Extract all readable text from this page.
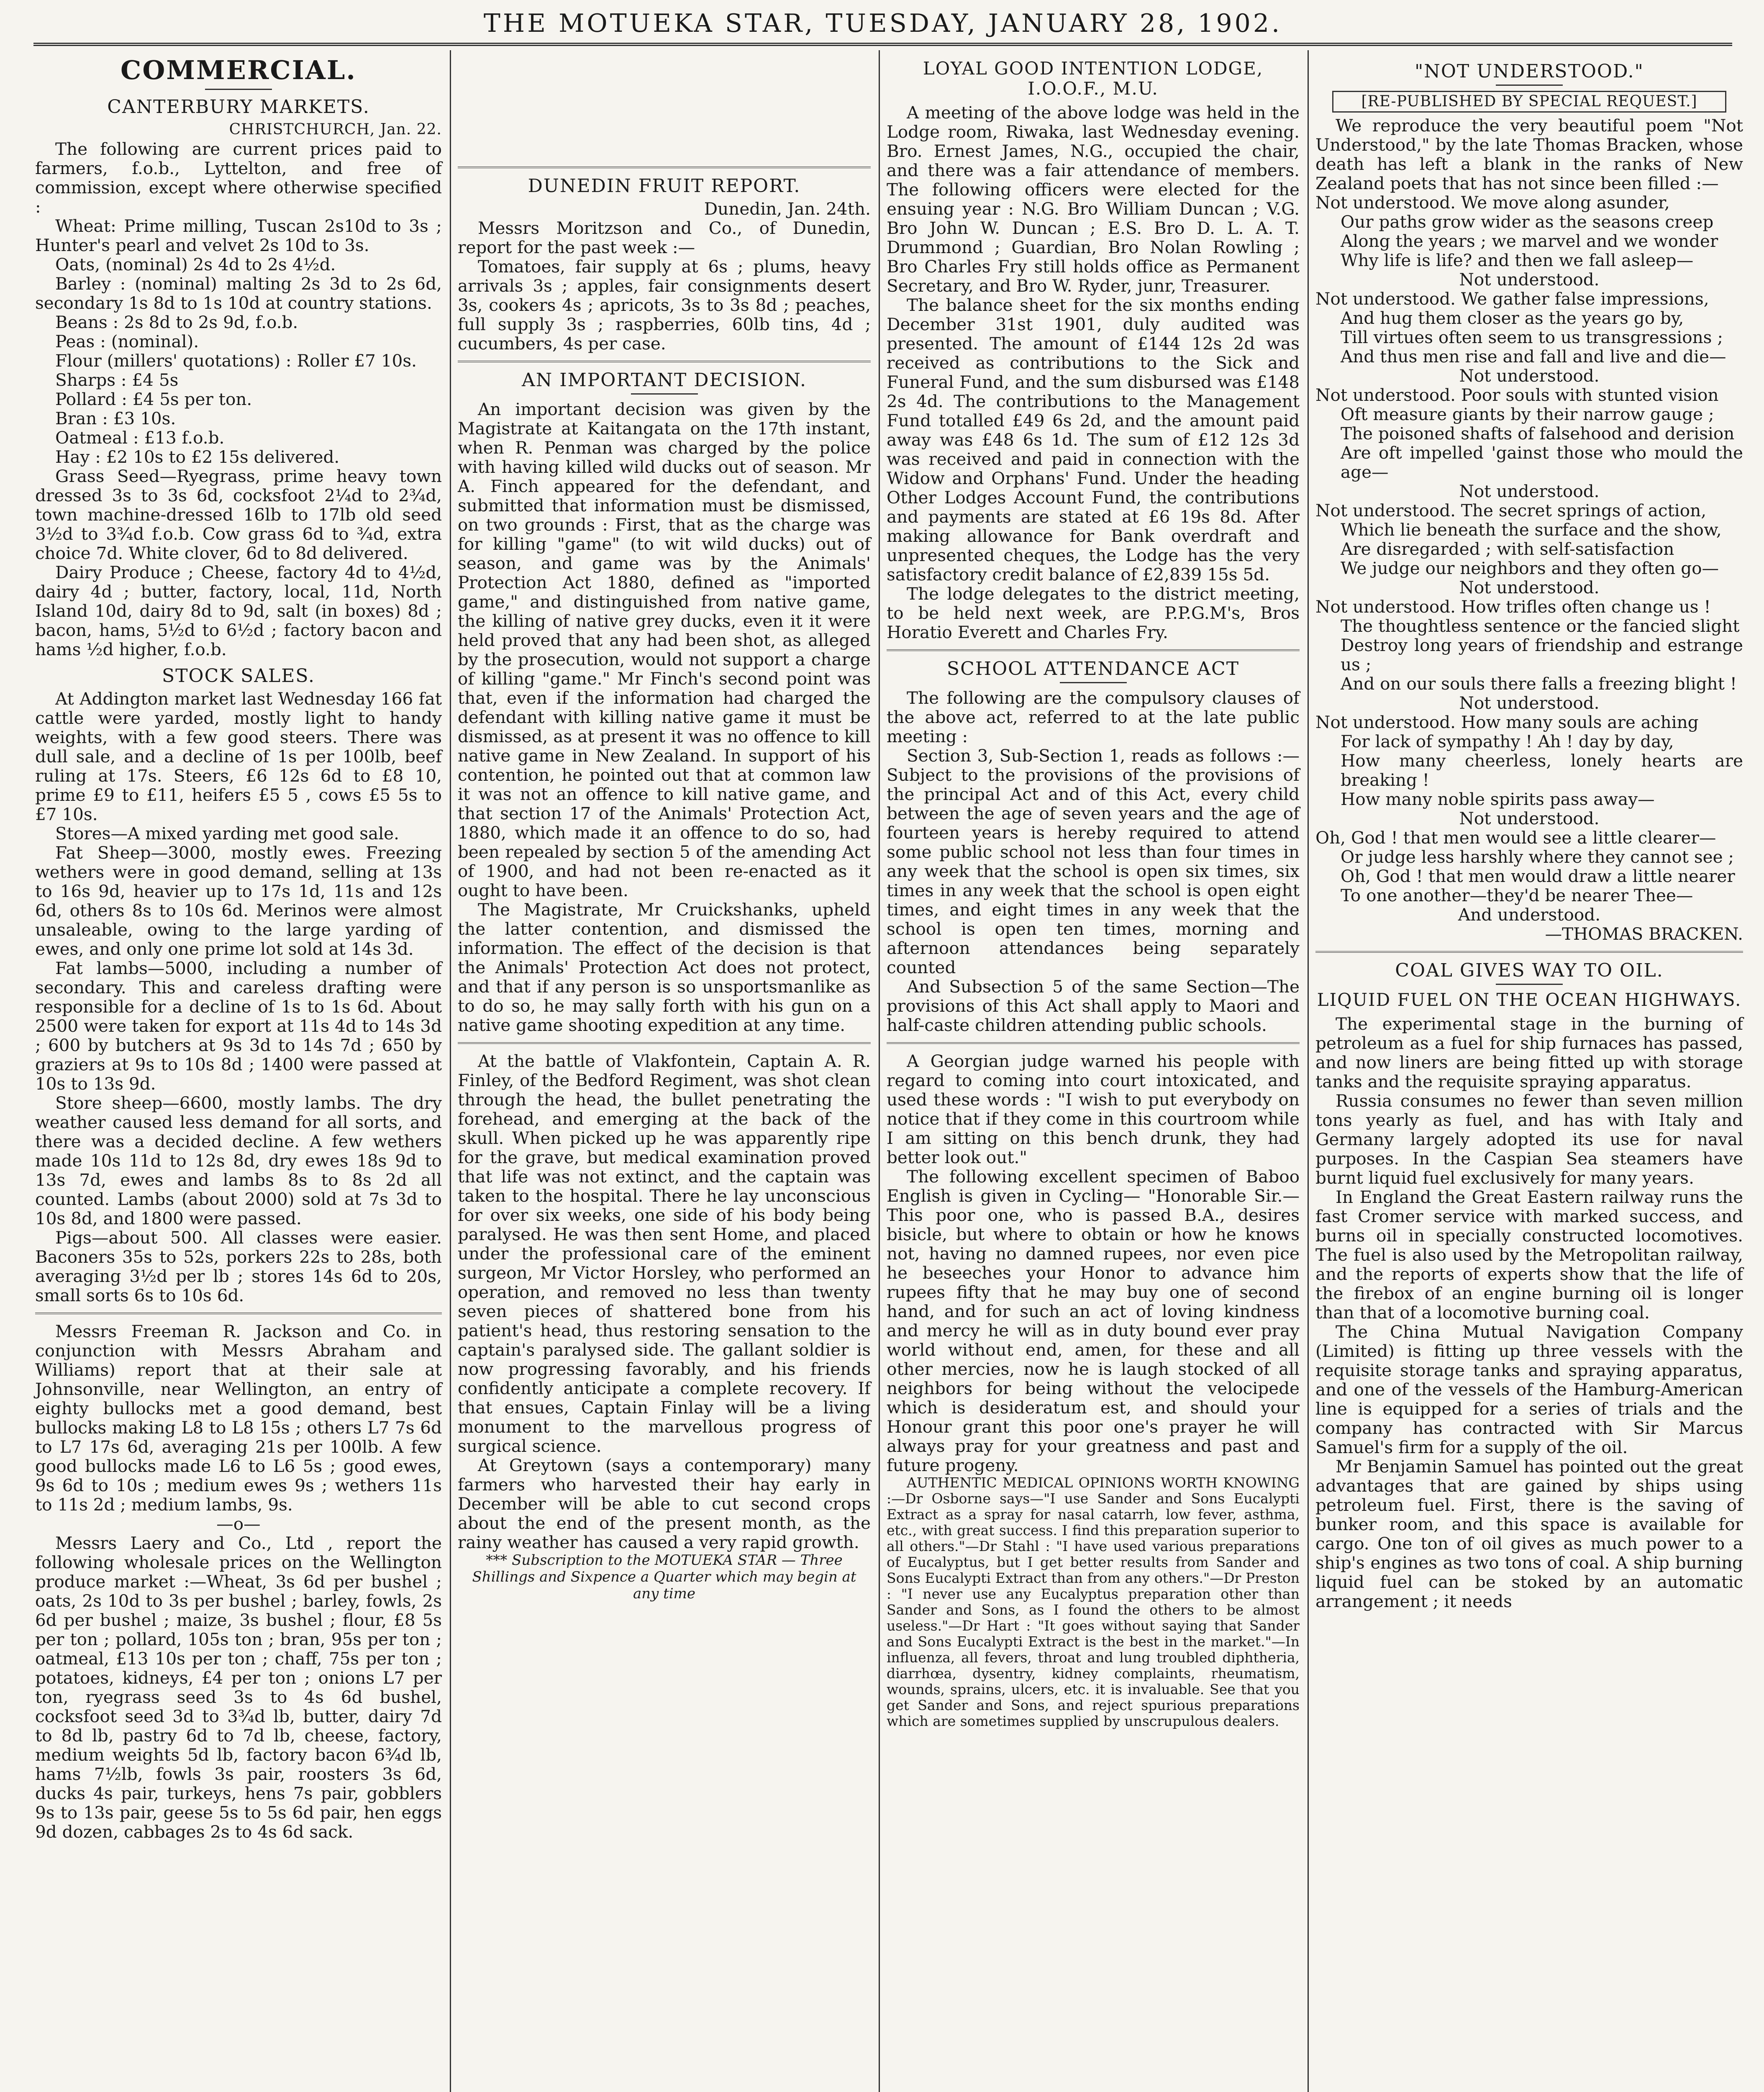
THE MOTUEKA STAR, TUESDAY, JANUARY 28, 1902.
COMMERCIAL.
CANTERBURY MARKETS.

CHRISTCHURCH, Jan. 22.

The following are current prices paid to farmers, f.o.b., Lyttelton, and free of commission, except where otherwise specified :

Wheat: Prime milling, Tuscan 2s10d to 3s ; Hunter's pearl and velvet 2s 10d to 3s.

Oats, (nominal) 2s 4d to 2s 4½d.

Barley : (nominal) malting 2s 3d to 2s 6d, secondary 1s 8d to 1s 10d at country stations.

Beans : 2s 8d to 2s 9d, f.o.b.

Peas : (nominal).

Flour (millers' quotations) : Roller £7 10s.

Sharps : £4 5s

Pollard : £4 5s per ton.

Bran : £3 10s.

Oatmeal : £13 f.o.b.

Hay : £2 10s to £2 15s delivered.

Grass Seed—Ryegrass, prime heavy town dressed 3s to 3s 6d, cocksfoot 2¼d to 2¾d, town machine-dressed 16lb to 17lb old seed 3½d to 3¾d f.o.b. Cow grass 6d to ¾d, extra choice 7d. White clover, 6d to 8d delivered.

Dairy Produce ; Cheese, factory 4d to 4½d, dairy 4d ; butter, factory, local, 11d, North Island 10d, dairy 8d to 9d, salt (in boxes) 8d ; bacon, hams, 5½d to 6½d ; factory bacon and hams ½d higher, f.o.b.

STOCK SALES.

At Addington market last Wednesday 166 fat cattle were yarded, mostly light to handy weights, with a few good steers. There was dull sale, and a decline of 1s per 100lb, beef ruling at 17s. Steers, £6 12s 6d to £8 10, prime £9 to £11, heifers £5 5 , cows £5 5s to £7 10s.

Stores—A mixed yarding met good sale.

Fat Sheep—3000, mostly ewes. Freezing wethers were in good demand, selling at 13s to 16s 9d, heavier up to 17s 1d, 11s and 12s 6d, others 8s to 10s 6d. Merinos were almost unsaleable, owing to the large yarding of ewes, and only one prime lot sold at 14s 3d.

Fat lambs—5000, including a number of secondary. This and careless drafting were responsible for a decline of 1s to 1s 6d. About 2500 were taken for export at 11s 4d to 14s 3d ; 600 by butchers at 9s 3d to 14s 7d ; 650 by graziers at 9s to 10s 8d ; 1400 were passed at 10s to 13s 9d.

Store sheep—6600, mostly lambs. The dry weather caused less demand for all sorts, and there was a decided decline. A few wethers made 10s 11d to 12s 8d, dry ewes 18s 9d to 13s 7d, ewes and lambs 8s to 8s 2d all counted. Lambs (about 2000) sold at 7s 3d to 10s 8d, and 1800 were passed.

Pigs—about 500. All classes were easier. Baconers 35s to 52s, porkers 22s to 28s, both averaging 3½d per lb ; stores 14s 6d to 20s, small sorts 6s to 10s 6d.

Messrs Freeman R. Jackson and Co. in conjunction with Messrs Abraham and Williams) report that at their sale at Johnsonville, near Wellington, an entry of eighty bullocks met a good demand, best bullocks making L8 to L8 15s ; others L7 7s 6d to L7 17s 6d, averaging 21s per 100lb. A few good bullocks made L6 to L6 5s ; good ewes, 9s 6d to 10s ; medium ewes 9s ; wethers 11s to 11s 2d ; medium lambs, 9s.

—o—

Messrs Laery and Co., Ltd , report the following wholesale prices on the Wellington produce market :—Wheat, 3s 6d per bushel ; oats, 2s 10d to 3s per bushel ; barley, fowls, 2s 6d per bushel ; maize, 3s bushel ; flour, £8 5s per ton ; pollard, 105s ton ; bran, 95s per ton ; oatmeal, £13 10s per ton ; chaff, 75s per ton ; potatoes, kidneys, £4 per ton ; onions L7 per ton, ryegrass seed 3s to 4s 6d bushel, cocksfoot seed 3d to 3¾d lb, butter, dairy 7d to 8d lb, pastry 6d to 7d lb, cheese, factory, medium weights 5d lb, factory bacon 6¾d lb, hams 7½lb, fowls 3s pair, roosters 3s 6d, ducks 4s pair, turkeys, hens 7s pair, gobblers 9s to 13s pair, geese 5s to 5s 6d pair, hen eggs 9d dozen, cabbages 2s to 4s 6d sack.

DUNEDIN FRUIT REPORT.

Dunedin, Jan. 24th.

Messrs Moritzson and Co., of Dunedin, report for the past week :—

Tomatoes, fair supply at 6s ; plums, heavy arrivals 3s ; apples, fair consignments desert 3s, cookers 4s ; apricots, 3s to 3s 8d ; peaches, full supply 3s ; raspberries, 60lb tins, 4d ; cucumbers, 4s per case.

AN IMPORTANT DECISION.

An important decision was given by the Magistrate at Kaitangata on the 17th instant, when R. Penman was charged by the police with having killed wild ducks out of season. Mr A. Finch appeared for the defendant, and submitted that information must be dismissed, on two grounds : First, that as the charge was for killing "game" (to wit wild ducks) out of season, and game was by the Animals' Protection Act 1880, defined as "imported game," and distinguished from native game, the killing of native grey ducks, even it it were held proved that any had been shot, as alleged by the prosecution, would not support a charge of killing "game." Mr Finch's second point was that, even if the information had charged the defendant with killing native game it must be dismissed, as at present it was no offence to kill native game in New Zealand. In support of his contention, he pointed out that at common law it was not an offence to kill native game, and that section 17 of the Animals' Protection Act, 1880, which made it an offence to do so, had been repealed by section 5 of the amending Act of 1900, and had not been re-enacted as it ought to have been.

The Magistrate, Mr Cruickshanks, upheld the latter contention, and dismissed the information. The effect of the decision is that the Animals' Protection Act does not protect, and that if any person is so unsportsmanlike as to do so, he may sally forth with his gun on a native game shooting expedition at any time.

At the battle of Vlakfontein, Captain A. R. Finley, of the Bedford Regiment, was shot clean through the head, the bullet penetrating the forehead, and emerging at the back of the skull. When picked up he was apparently ripe for the grave, but medical examination proved that life was not extinct, and the captain was taken to the hospital. There he lay unconscious for over six weeks, one side of his body being paralysed. He was then sent Home, and placed under the professional care of the eminent surgeon, Mr Victor Horsley, who performed an operation, and removed no less than twenty seven pieces of shattered bone from his patient's head, thus restoring sensation to the captain's paralysed side. The gallant soldier is now progressing favorably, and his friends confidently anticipate a complete recovery. If that ensues, Captain Finlay will be a living monument to the marvellous progress of surgical science.

At Greytown (says a contemporary) many farmers who harvested their hay early in December will be able to cut second crops about the end of the present month, as the rainy weather has caused a very rapid growth.

*** Subscription to the MOTUEKA STAR — Three Shillings and Sixpence a Quarter which may begin at any time

LOYAL GOOD INTENTION LODGE, I.O.O.F., M.U.

A meeting of the above lodge was held in the Lodge room, Riwaka, last Wednesday evening. Bro. Ernest James, N.G., occupied the chair, and there was a fair attendance of members. The following officers were elected for the ensuing year : N.G. Bro William Duncan ; V.G. Bro John W. Duncan ; E.S. Bro D. L. A. T. Drummond ; Guardian, Bro Nolan Rowling ; Bro Charles Fry still holds office as Permanent Secretary, and Bro W. Ryder, junr, Treasurer.

The balance sheet for the six months ending December 31st 1901, duly audited was presented. The amount of £144 12s 2d was received as contributions to the Sick and Funeral Fund, and the sum disbursed was £148 2s 4d. The contributions to the Management Fund totalled £49 6s 2d, and the amount paid away was £48 6s 1d. The sum of £12 12s 3d was received and paid in connection with the Widow and Orphans' Fund. Under the heading Other Lodges Account Fund, the contributions and payments are stated at £6 19s 8d. After making allowance for Bank overdraft and unpresented cheques, the Lodge has the very satisfactory credit balance of £2,839 15s 5d.

The lodge delegates to the district meeting, to be held next week, are P.P.G.M's, Bros Horatio Everett and Charles Fry.

SCHOOL ATTENDANCE ACT

The following are the compulsory clauses of the above act, referred to at the late public meeting :

Section 3, Sub-Section 1, reads as follows :—Subject to the provisions of the provisions of the principal Act and of this Act, every child between the age of seven years and the age of fourteen years is hereby required to attend some public school not less than four times in any week that the school is open six times, six times in any week that the school is open eight times, and eight times in any week that the school is open ten times, morning and afternoon attendances being separately counted

And Subsection 5 of the same Section—The provisions of this Act shall apply to Maori and half-caste children attending public schools.

A Georgian judge warned his people with regard to coming into court intoxicated, and used these words : "I wish to put everybody on notice that if they come in this courtroom while I am sitting on this bench drunk, they had better look out."

The following excellent specimen of Baboo English is given in Cycling— "Honorable Sir.—This poor one, who is passed B.A., desires bisicle, but where to obtain or how he knows not, having no damned rupees, nor even pice he beseeches your Honor to advance him rupees fifty that he may buy one of second hand, and for such an act of loving kindness and mercy he will as in duty bound ever pray world without end, amen, for these and all other mercies, now he is laugh stocked of all neighbors for being without the velocipede which is desideratum est, and should your Honour grant this poor one's prayer he will always pray for your greatness and past and future progeny.

AUTHENTIC MEDICAL OPINIONS WORTH KNOWING :—Dr Osborne says—"I use Sander and Sons Eucalypti Extract as a spray for nasal catarrh, low fever, asthma, etc., with great success. I find this preparation superior to all others."—Dr Stahl : "I have used various preparations of Eucalyptus, but I get better results from Sander and Sons Eucalypti Extract than from any others."—Dr Preston : "I never use any Eucalyptus preparation other than Sander and Sons, as I found the others to be almost useless."—Dr Hart : "It goes without saying that Sander and Sons Eucalypti Extract is the best in the market."—In influenza, all fevers, throat and lung troubled diphtheria, diarrhœa, dysentry, kidney complaints, rheumatism, wounds, sprains, ulcers, etc. it is invaluable. See that you get Sander and Sons, and reject spurious preparations which are sometimes supplied by unscrupulous dealers.

"NOT UNDERSTOOD."
[RE-PUBLISHED BY SPECIAL REQUEST.]

We reproduce the very beautiful poem "Not Understood," by the late Thomas Bracken, whose death has left a blank in the ranks of New Zealand poets that has not since been filled :—

Not understood. We move along asunder,
Our paths grow wider as the seasons creep
Along the years ; we marvel and we wonder
Why life is life? and then we fall asleep—
Not understood.
Not understood. We gather false impressions,
And hug them closer as the years go by,
Till virtues often seem to us transgressions ;
And thus men rise and fall and live and die—
Not understood.
Not understood. Poor souls with stunted vision
Oft measure giants by their narrow gauge ;
The poisoned shafts of falsehood and derision
Are oft impelled 'gainst those who mould the age—
Not understood.
Not understood. The secret springs of action,
Which lie beneath the surface and the show,
Are disregarded ; with self-satisfaction
We judge our neighbors and they often go—
Not understood.
Not understood. How trifles often change us !
The thoughtless sentence or the fancied slight
Destroy long years of friendship and estrange us ;
And on our souls there falls a freezing blight !
Not understood.
Not understood. How many souls are aching
For lack of sympathy ! Ah ! day by day,
How many cheerless, lonely hearts are breaking !
How many noble spirits pass away—
Not understood.
Oh, God ! that men would see a little clearer—
Or judge less harshly where they cannot see ;
Oh, God ! that men would draw a little nearer
To one another—they'd be nearer Thee—
And understood.

—THOMAS BRACKEN.

COAL GIVES WAY TO OIL.
LIQUID FUEL ON THE OCEAN HIGHWAYS.

The experimental stage in the burning of petroleum as a fuel for ship furnaces has passed, and now liners are being fitted up with storage tanks and the requisite spraying apparatus.

Russia consumes no fewer than seven million tons yearly as fuel, and has with Italy and Germany largely adopted its use for naval purposes. In the Caspian Sea steamers have burnt liquid fuel exclusively for many years.

In England the Great Eastern railway runs the fast Cromer service with marked success, and burns oil in specially constructed locomotives. The fuel is also used by the Metropolitan railway, and the reports of experts show that the life of the firebox of an engine burning oil is longer than that of a locomotive burning coal.

The China Mutual Navigation Company (Limited) is fitting up three vessels with the requisite storage tanks and spraying apparatus, and one of the vessels of the Hamburg-American line is equipped for a series of trials and the company has contracted with Sir Marcus Samuel's firm for a supply of the oil.

Mr Benjamin Samuel has pointed out the great advantages that are gained by ships using petroleum fuel. First, there is the saving of bunker room, and this space is available for cargo. One ton of oil gives as much power to a ship's engines as two tons of coal. A ship burning liquid fuel can be stoked by an automatic arrangement ; it needs
